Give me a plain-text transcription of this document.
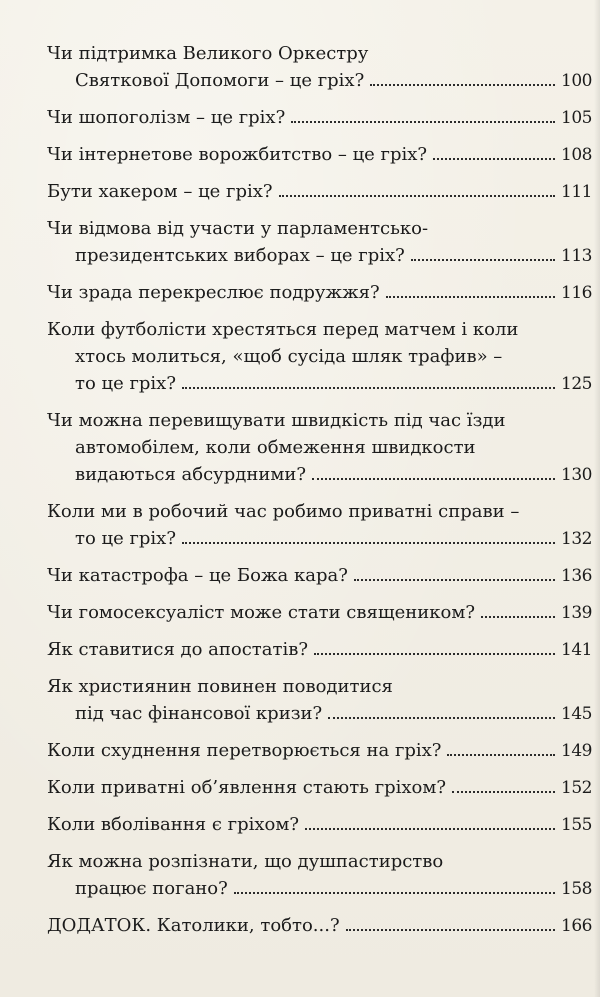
Чи підтримка Великого Оркестру
Святкової Допомоги – це гріх?	100
Чи шопоголізм – це гріх?	105
Чи інтернетове ворожбитство – це гріх?	108
Бути хакером – це гріх?	111
Чи відмова від участи у парламентсько-
президентських виборах – це гріх?	113
Чи зрада перекреслює подружжя?	116
Коли футболісти хрестяться перед матчем і коли
хтось молиться, «щоб сусіда шляк трафив» –
то це гріх?	125
Чи можна перевищувати швидкість під час їзди
автомобілем, коли обмеження швидкости
видаються абсурдними?	130
Коли ми в робочий час робимо приватні справи –
то це гріх?	132
Чи катастрофа – це Божа кара?	136
Чи гомосексуаліст може стати священиком?	139
Як ставитися до апостатів?	141
Як християнин повинен поводитися
під час фінансової кризи?	145
Коли схуднення перетворюється на гріх?	149
Коли приватні об’явлення стають гріхом?	152
Коли вболівання є гріхом?	155
Як можна розпізнати, що душпастирство
працює погано?	158
ДОДАТОК. Католики, тобто...?	166
